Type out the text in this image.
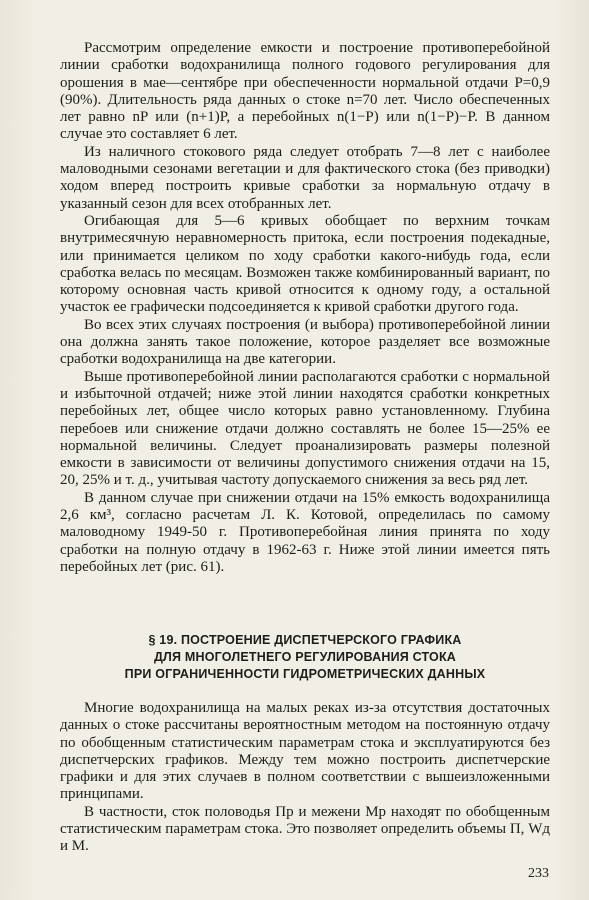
Рассмотрим определение емкости и построение противоперебойной линии сработки водохранилища полного годового регулирования для орошения в мае—сентябре при обеспеченности нормальной отдачи P=0,9 (90%). Длительность ряда данных о стоке n=70 лет. Число обеспеченных лет равно nP или (n+1)P, а перебойных n(1−P) или n(1−P)−P. В данном случае это составляет 6 лет.

Из наличного стокового ряда следует отобрать 7—8 лет с наиболее маловодными сезонами вегетации и для фактического стока (без приводки) ходом вперед построить кривые сработки за нормальную отдачу в указанный сезон для всех отобранных лет.

Огибающая для 5—6 кривых обобщает по верхним точкам внутримесячную неравномерность притока, если построения подекадные, или принимается целиком по ходу сработки какого-нибудь года, если сработка велась по месяцам. Возможен также комбинированный вариант, по которому основная часть кривой относится к одному году, а остальной участок ее графически подсоединяется к кривой сработки другого года.

Во всех этих случаях построения (и выбора) противоперебойной линии она должна занять такое положение, которое разделяет все возможные сработки водохранилища на две категории.

Выше противоперебойной линии располагаются сработки с нормальной и избыточной отдачей; ниже этой линии находятся сработки конкретных перебойных лет, общее число которых равно установленному. Глубина перебоев или снижение отдачи должно составлять не более 15—25% ее нормальной величины. Следует проанализировать размеры полезной емкости в зависимости от величины допустимого снижения отдачи на 15, 20, 25% и т. д., учитывая частоту допускаемого снижения за весь ряд лет.

В данном случае при снижении отдачи на 15% емкость водохранилища 2,6 км³, согласно расчетам Л. К. Котовой, определилась по самому маловодному 1949-50 г. Противоперебойная линия принята по ходу сработки на полную отдачу в 1962-63 г. Ниже этой линии имеется пять перебойных лет (рис. 61).

§ 19. ПОСТРОЕНИЕ ДИСПЕТЧЕРСКОГО ГРАФИКА
ДЛЯ МНОГОЛЕТНЕГО РЕГУЛИРОВАНИЯ СТОКА
ПРИ ОГРАНИЧЕННОСТИ ГИДРОМЕТРИЧЕСКИХ ДАННЫХ

Многие водохранилища на малых реках из-за отсутствия достаточных данных о стоке рассчитаны вероятностным методом на постоянную отдачу по обобщенным статистическим параметрам стока и эксплуатируются без диспетчерских графиков. Между тем можно построить диспетчерские графики и для этих случаев в полном соответствии с вышеизложенными принципами.

В частности, сток половодья Пр и межени Мр находят по обобщенным статистическим параметрам стока. Это позволяет определить объемы П, Wд и М.

233
